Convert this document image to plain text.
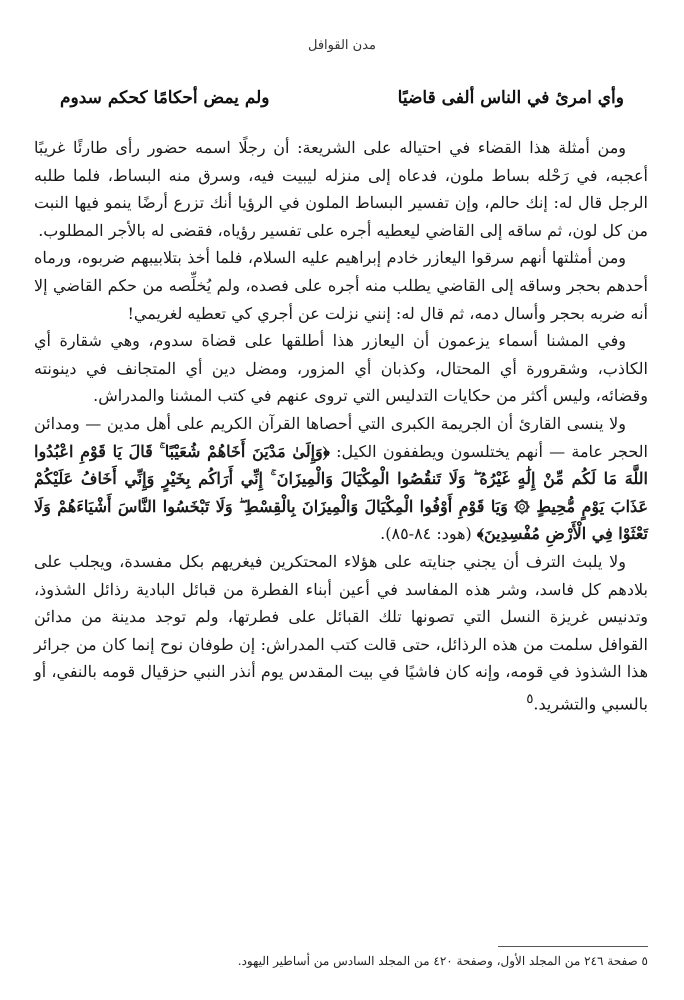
مدن القوافل
وأي امرئ في الناس ألفى قاضيًا
ولم يمض أحكامًا كحكم سدوم

ومن أمثلة هذا القضاء في احتياله على الشريعة: أن رجلًا اسمه حضور رأى طارئًا غريبًا أعجبه، في رَحْله بساط ملون، فدعاه إلى منزله ليبيت فيه، وسرق منه البساط، فلما طلبه الرجل قال له: إنك حالم، وإن تفسير البساط الملون في الرؤيا أنك تزرع أرضًا ينمو فيها النبت من كل لون، ثم ساقه إلى القاضي ليعطيه أجره على تفسير رؤياه، فقضى له بالأجر المطلوب.

ومن أمثلتها أنهم سرقوا اليعازر خادم إبراهيم عليه السلام، فلما أخذ بتلابيبهم ضربوه، ورماه أحدهم بحجر وساقه إلى القاضي يطلب منه أجره على فصده، ولم يُخلِّصه من حكم القاضي إلا أنه ضربه بحجر وأسال دمه، ثم قال له: إنني نزلت عن أجري كي تعطيه لغريمي!

وفي المشنا أسماء يزعمون أن اليعازر هذا أطلقها على قضاة سدوم، وهي شقارة أي الكاذب، وشقرورة أي المحتال، وكذبان أي المزور، ومضل دين أي المتجانف في دينونته وقضائه، وليس أكثر من حكايات التدليس التي تروى عنهم في كتب المشنا والمدراش.

ولا ينسى القارئ أن الجريمة الكبرى التي أحصاها القرآن الكريم على أهل مدين — ومدائن الحجر عامة — أنهم يختلسون ويطففون الكيل: ﴿وَإِلَىٰ مَدْيَنَ أَخَاهُمْ شُعَيْبًا ۚ قَالَ يَا قَوْمِ اعْبُدُوا اللَّهَ مَا لَكُم مِّنْ إِلَٰهٍ غَيْرُهُ ۖ وَلَا تَنقُصُوا الْمِكْيَالَ وَالْمِيزَانَ ۚ إِنِّي أَرَاكُم بِخَيْرٍ وَإِنِّي أَخَافُ عَلَيْكُمْ عَذَابَ يَوْمٍ مُّحِيطٍ ۞ وَيَا قَوْمِ أَوْفُوا الْمِكْيَالَ وَالْمِيزَانَ بِالْقِسْطِ ۖ وَلَا تَبْخَسُوا النَّاسَ أَشْيَاءَهُمْ وَلَا تَعْثَوْا فِي الْأَرْضِ مُفْسِدِينَ﴾ (هود: ٨٤-٨٥).

ولا يلبث الترف أن يجني جنايته على هؤلاء المحتكرين فيغريهم بكل مفسدة، ويجلب على بلادهم كل فاسد، وشر هذه المفاسد في أعين أبناء الفطرة من قبائل البادية رذائل الشذوذ، وتدنيس غريزة النسل التي تصونها تلك القبائل على فطرتها، ولم توجد مدينة من مدائن القوافل سلمت من هذه الرذائل، حتى قالت كتب المدراش: إن طوفان نوح إنما كان من جرائر هذا الشذوذ في قومه، وإنه كان فاشيًا في بيت المقدس يوم أنذر النبي حزقيال قومه بالنفي، أو بالسبي والتشريد.$^٥$

٥ صفحة ٢٤٦ من المجلد الأول، وصفحة ٤٢٠ من المجلد السادس من أساطير اليهود.
